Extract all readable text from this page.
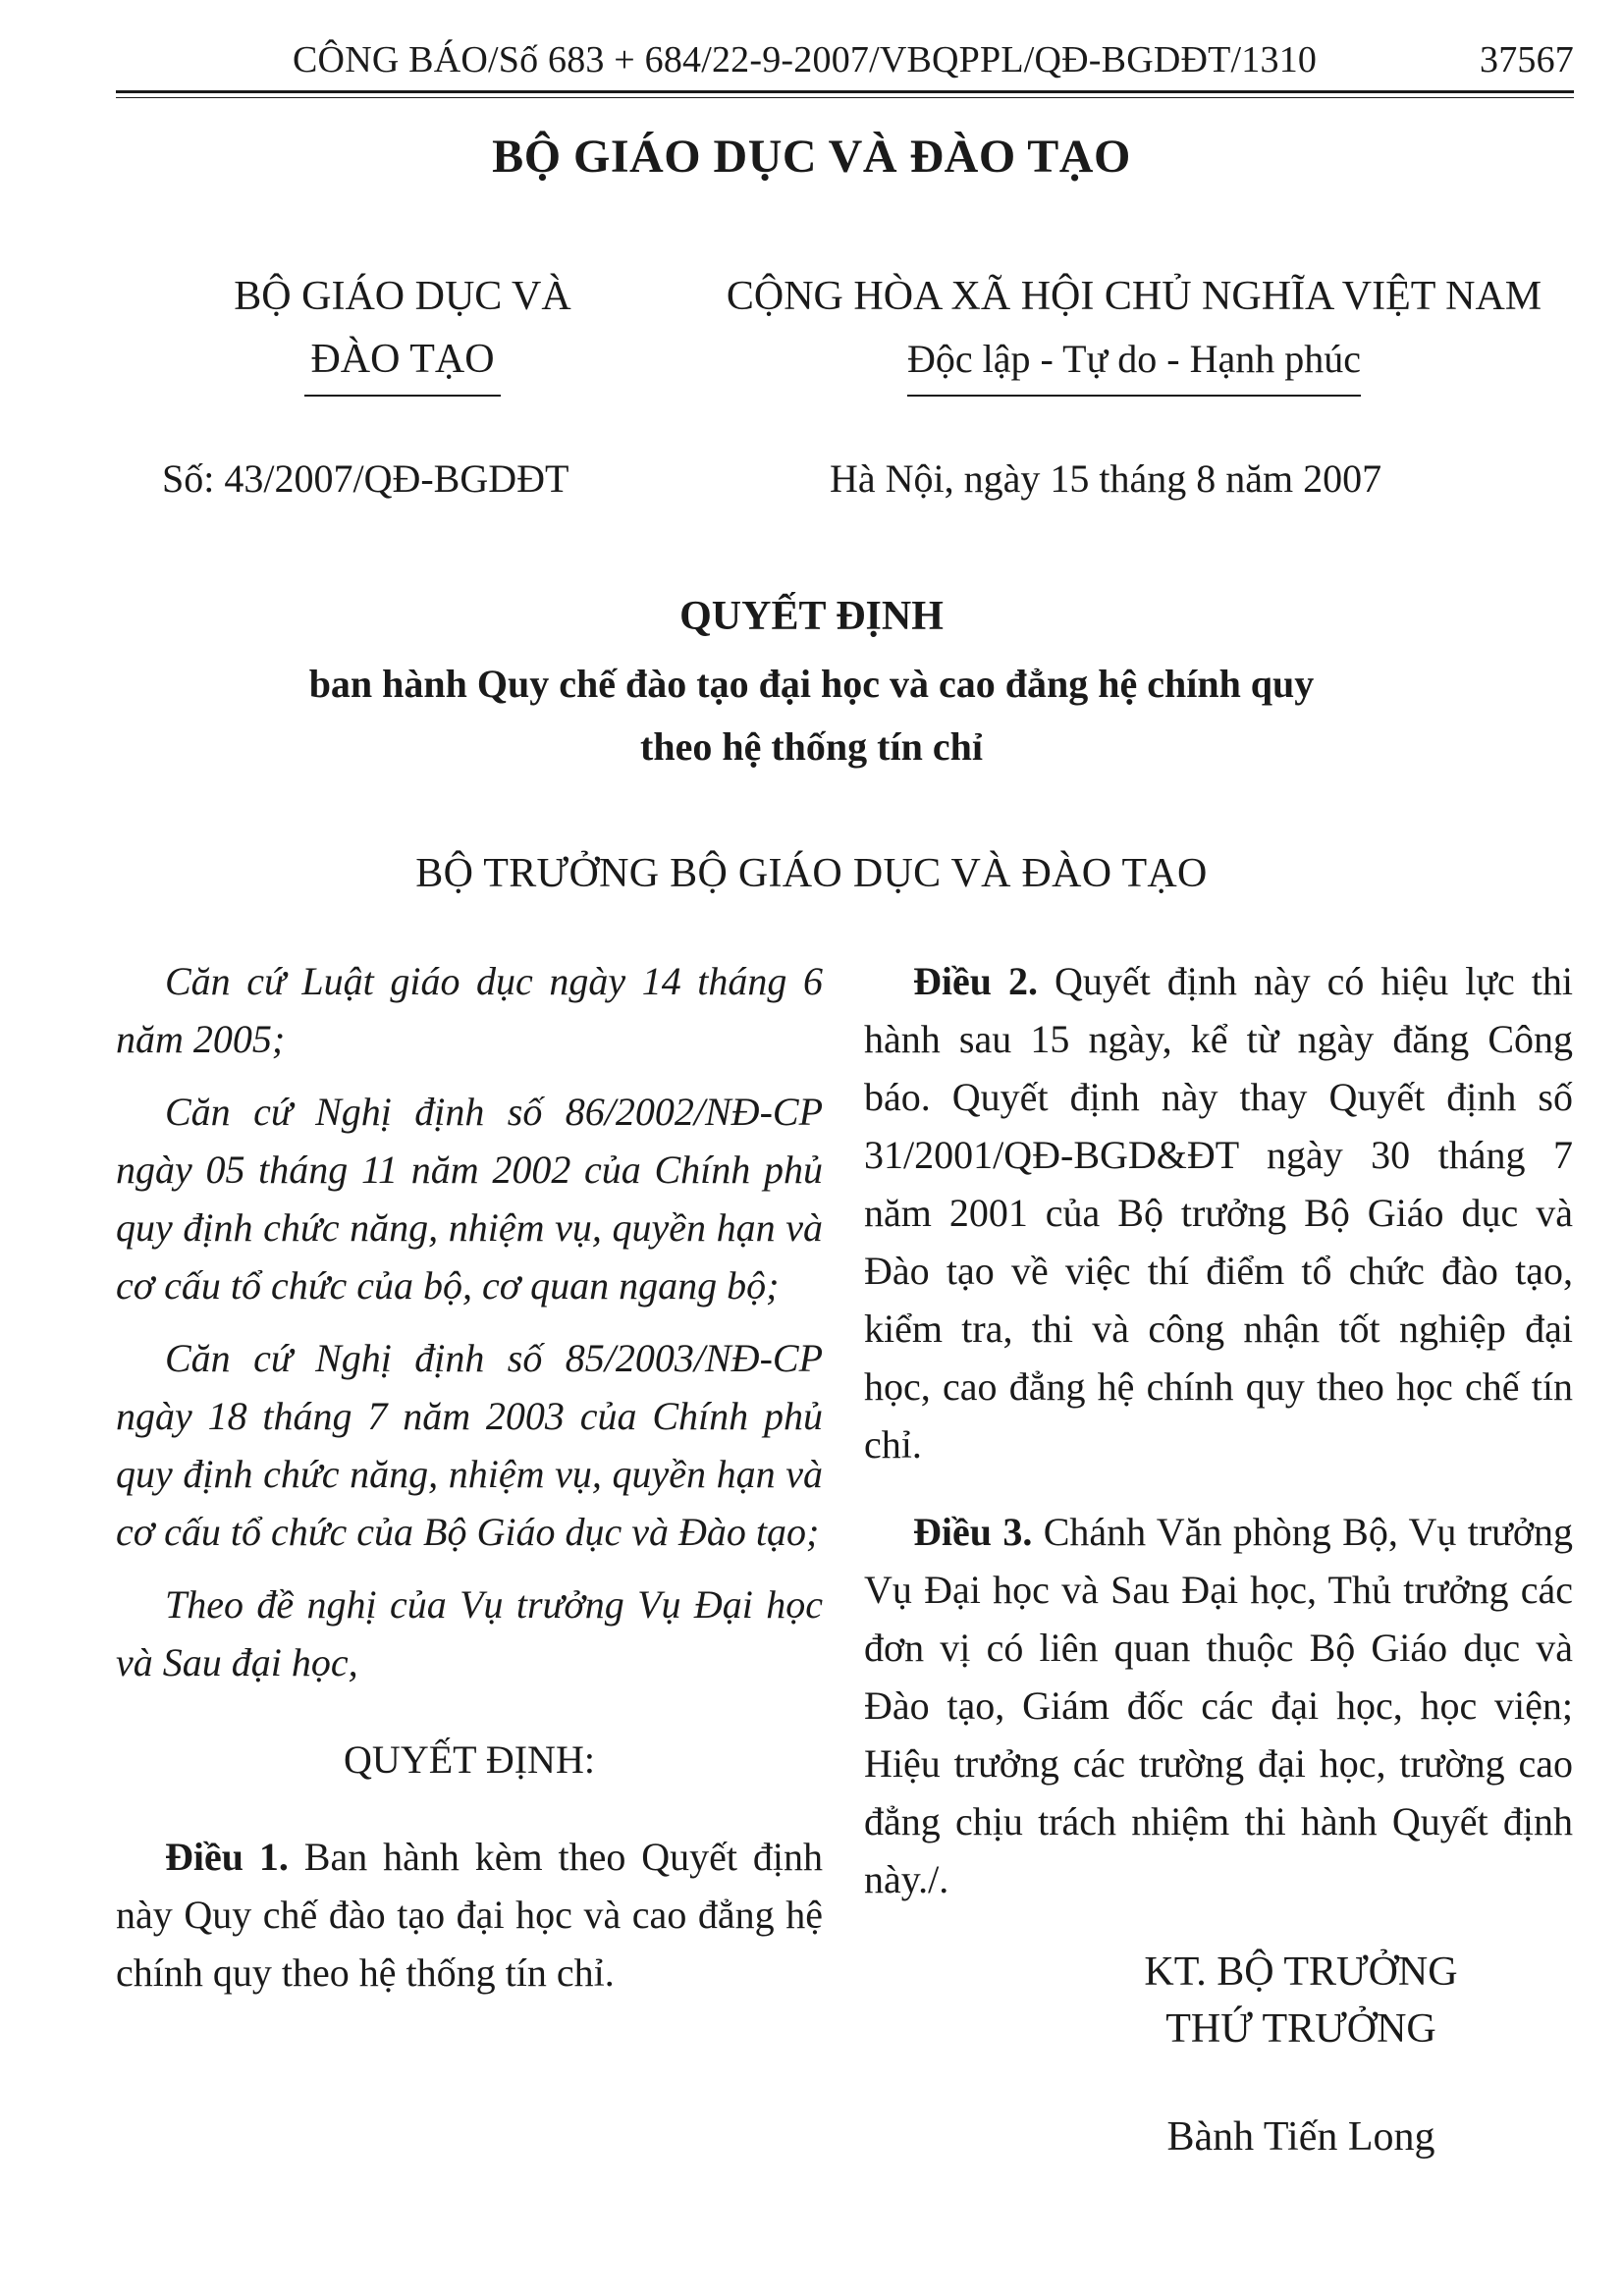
CÔNG BÁO/Số 683 + 684/22-9-2007/VBQPPL/QĐ-BGDĐT/1310	37567
BỘ GIÁO DỤC VÀ ĐÀO TẠO
BỘ GIÁO DỤC VÀ
ĐÀO TẠO
CỘNG HÒA XÃ HỘI CHỦ NGHĨA VIỆT NAM
Độc lập - Tự do - Hạnh phúc
Số: 43/2007/QĐ-BGDĐT	Hà Nội, ngày 15 tháng 8 năm 2007
QUYẾT ĐỊNH
ban hành Quy chế đào tạo đại học và cao đẳng hệ chính quy
theo hệ thống tín chỉ
BỘ TRƯỞNG BỘ GIÁO DỤC VÀ ĐÀO TẠO

Căn cứ Luật giáo dục ngày 14 tháng 6 năm 2005;

Căn cứ Nghị định số 86/2002/NĐ-CP ngày 05 tháng 11 năm 2002 của Chính phủ quy định chức năng, nhiệm vụ, quyền hạn và cơ cấu tổ chức của bộ, cơ quan ngang bộ;

Căn cứ Nghị định số 85/2003/NĐ-CP ngày 18 tháng 7 năm 2003 của Chính phủ quy định chức năng, nhiệm vụ, quyền hạn và cơ cấu tổ chức của Bộ Giáo dục và Đào tạo;

Theo đề nghị của Vụ trưởng Vụ Đại học và Sau đại học,

QUYẾT ĐỊNH:

Điều 1. Ban hành kèm theo Quyết định này Quy chế đào tạo đại học và cao đẳng hệ chính quy theo hệ thống tín chỉ.

Điều 2. Quyết định này có hiệu lực thi hành sau 15 ngày, kể từ ngày đăng Công báo. Quyết định này thay Quyết định số 31/2001/QĐ-BGD&ĐT ngày 30 tháng 7 năm 2001 của Bộ trưởng Bộ Giáo dục và Đào tạo về việc thí điểm tổ chức đào tạo, kiểm tra, thi và công nhận tốt nghiệp đại học, cao đẳng hệ chính quy theo học chế tín chỉ.

Điều 3. Chánh Văn phòng Bộ, Vụ trưởng Vụ Đại học và Sau Đại học, Thủ trưởng các đơn vị có liên quan thuộc Bộ Giáo dục và Đào tạo, Giám đốc các đại học, học viện; Hiệu trưởng các trường đại học, trường cao đẳng chịu trách nhiệm thi hành Quyết định này./.

KT. BỘ TRƯỞNG
THỨ TRƯỞNG
Bành Tiến Long
